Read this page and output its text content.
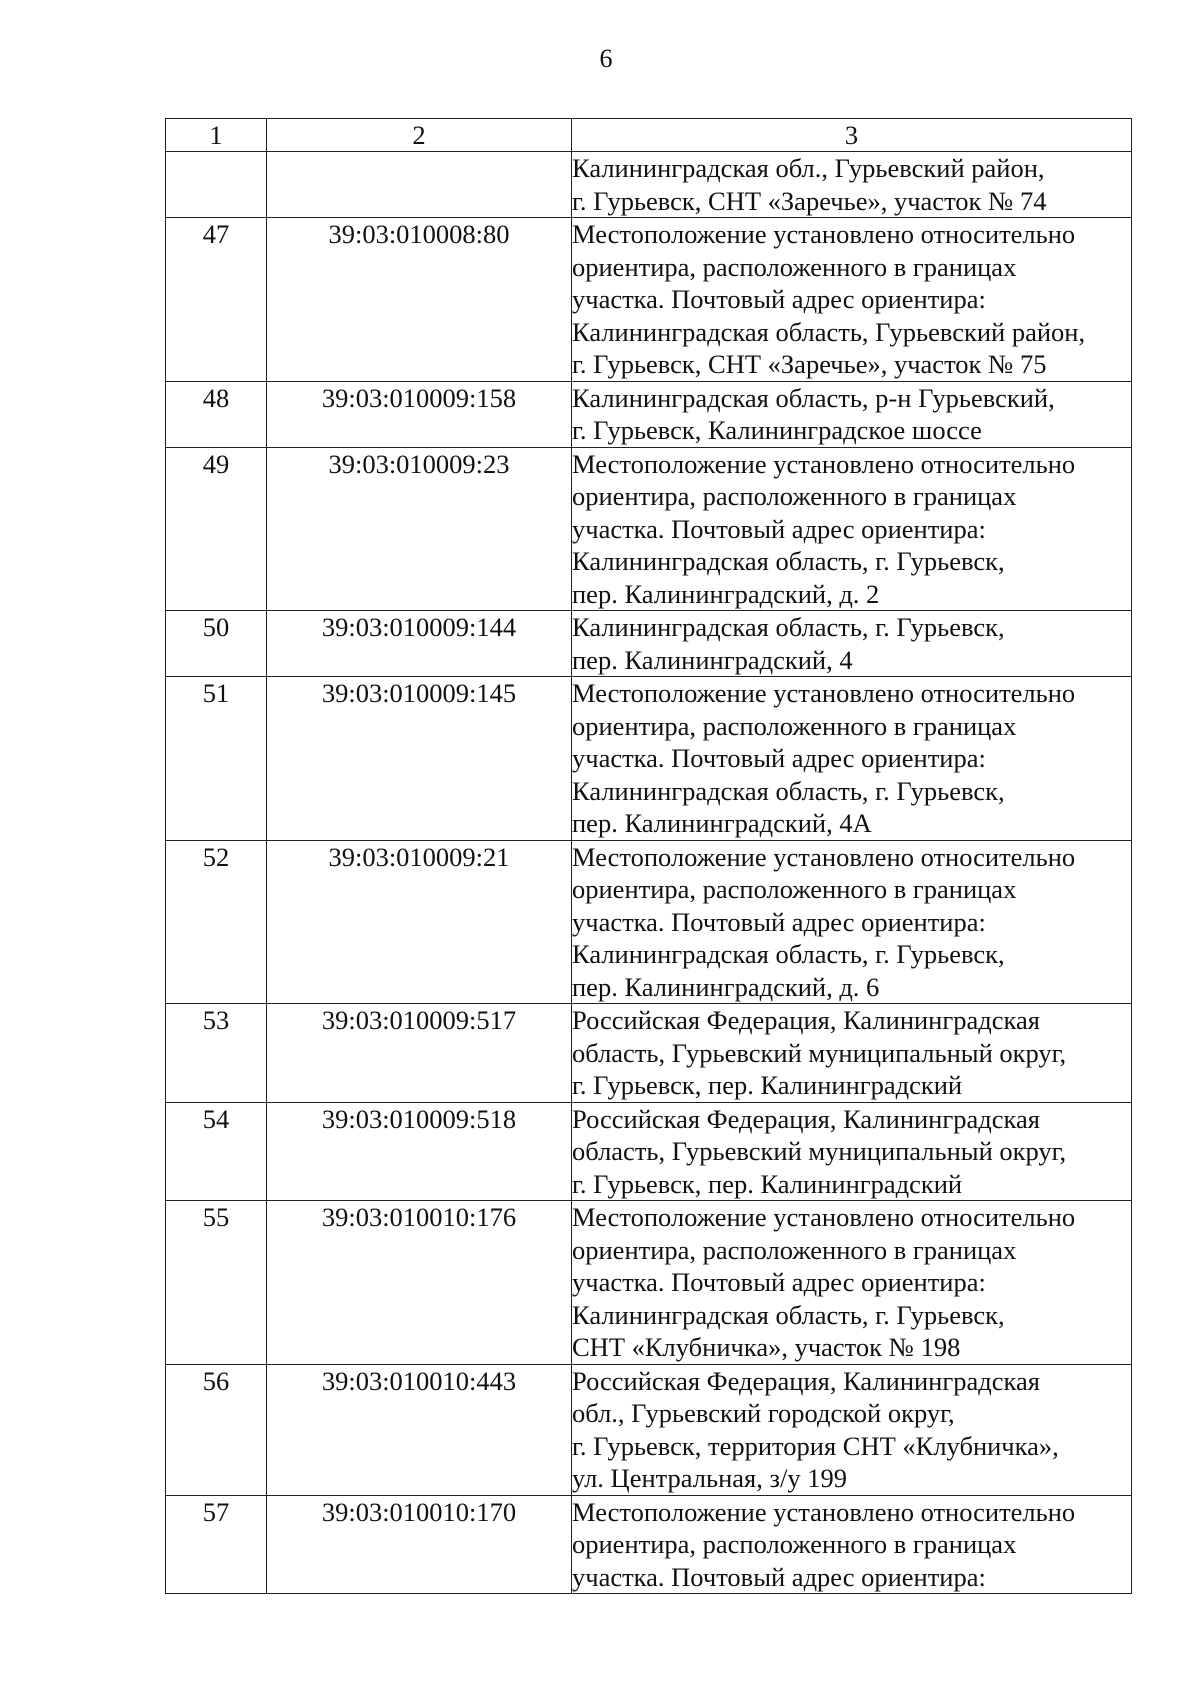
6
1	2	3

		Калининградская обл., Гурьевский район,
г. Гурьевск, СНТ «Заречье», участок № 74

47	39:03:010008:80	Местоположение установлено относительно
ориентира, расположенного в границах
участка. Почтовый адрес ориентира:
Калининградская область, Гурьевский район,
г. Гурьевск, СНТ «Заречье», участок № 75

48	39:03:010009:158	Калининградская область, р-н Гурьевский,
г. Гурьевск, Калининградское шоссе

49	39:03:010009:23	Местоположение установлено относительно
ориентира, расположенного в границах
участка. Почтовый адрес ориентира:
Калининградская область, г. Гурьевск,
пер. Калининградский, д. 2

50	39:03:010009:144	Калининградская область, г. Гурьевск,
пер. Калининградский, 4

51	39:03:010009:145	Местоположение установлено относительно
ориентира, расположенного в границах
участка. Почтовый адрес ориентира:
Калининградская область, г. Гурьевск,
пер. Калининградский, 4А

52	39:03:010009:21	Местоположение установлено относительно
ориентира, расположенного в границах
участка. Почтовый адрес ориентира:
Калининградская область, г. Гурьевск,
пер. Калининградский, д. 6

53	39:03:010009:517	Российская Федерация, Калининградская
область, Гурьевский муниципальный округ,
г. Гурьевск, пер. Калининградский

54	39:03:010009:518	Российская Федерация, Калининградская
область, Гурьевский муниципальный округ,
г. Гурьевск, пер. Калининградский

55	39:03:010010:176	Местоположение установлено относительно
ориентира, расположенного в границах
участка. Почтовый адрес ориентира:
Калининградская область, г. Гурьевск,
СНТ «Клубничка», участок № 198

56	39:03:010010:443	Российская Федерация, Калининградская
обл., Гурьевский городской округ,
г. Гурьевск, территория СНТ «Клубничка»,
ул. Центральная, з/у 199

57	39:03:010010:170	Местоположение установлено относительно
ориентира, расположенного в границах
участка. Почтовый адрес ориентира:
